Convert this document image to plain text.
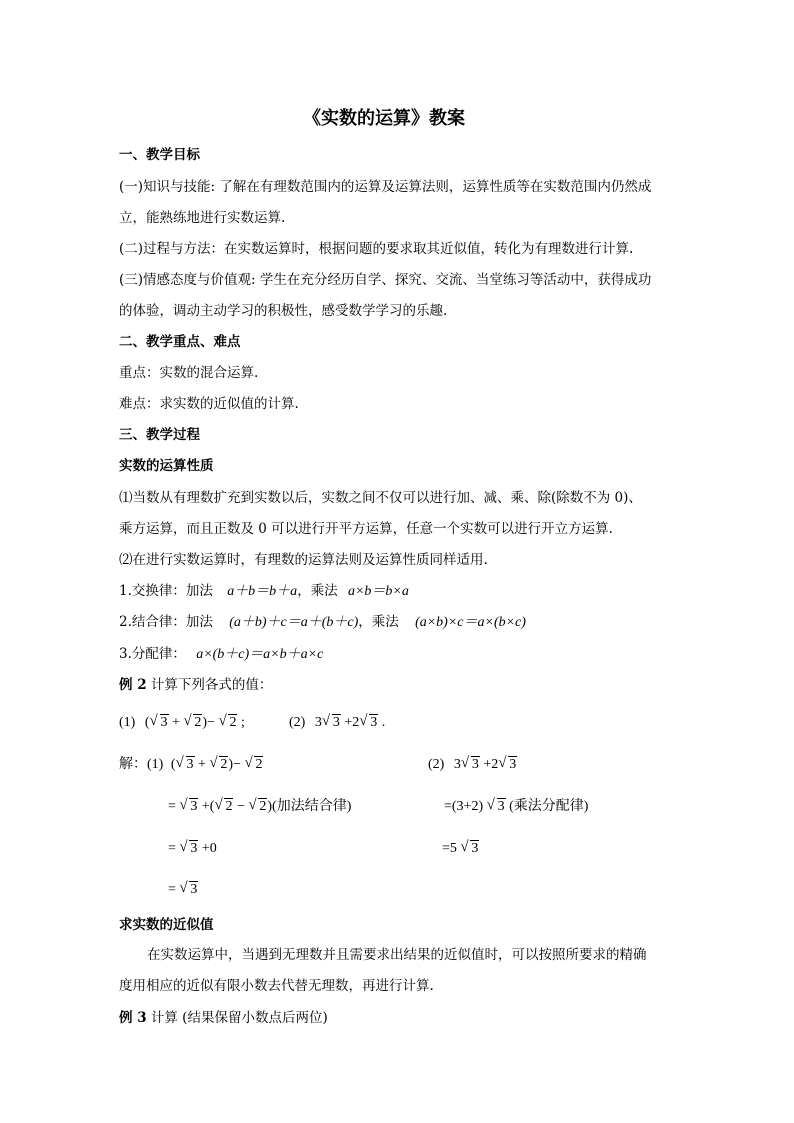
《实数的运算》教案
一、教学目标
(一)知识与技能: 了解在有理数范围内的运算及运算法则，运算性质等在实数范围内仍然成
立，能熟练地进行实数运算.
(二)过程与方法：在实数运算时，根据问题的要求取其近似值，转化为有理数进行计算.
(三)情感态度与价值观: 学生在充分经历自学、探究、交流、当堂练习等活动中，获得成功
的体验，调动主动学习的积极性，感受数学学习的乐趣.
二、教学重点、难点
重点：实数的混合运算.
难点：求实数的近似值的计算.
三、教学过程
实数的运算性质
⑴当数从有理数扩充到实数以后，实数之间不仅可以进行加、减、乘、除(除数不为 0)、
乘方运算，而且正数及 0 可以进行开平方运算，任意一个实数可以进行开立方运算.
⑵在进行实数运算时，有理数的运算法则及运算性质同样适用.
1.交换律：加法 a＋b＝b＋a，乘法 a×b＝b×a
2.结合律：加法 (a＋b)＋c＝a＋(b＋c)，乘法 (a×b)×c＝a×(b×c)
3.分配律： a×(b＋c)＝a×b＋a×c
例 2 计算下列各式的值：
(1) ( √ 3 + √ 2)− √ 2 ;	(2) 3 √ 3 +2 √ 3 .
解：(1) ( √ 3 + √ 2)− √ 2
= √ 3 +( √ 2 − √ 2)(加法结合律)
= √ 3 +0
= √ 3
(2) 3 √ 3 +2 √ 3
=(3+2) √ 3 (乘法分配律)
=5 √ 3
求实数的近似值
在实数运算中，当遇到无理数并且需要求出结果的近似值时，可以按照所要求的精确
度用相应的近似有限小数去代替无理数，再进行计算.
例 3 计算 (结果保留小数点后两位)
